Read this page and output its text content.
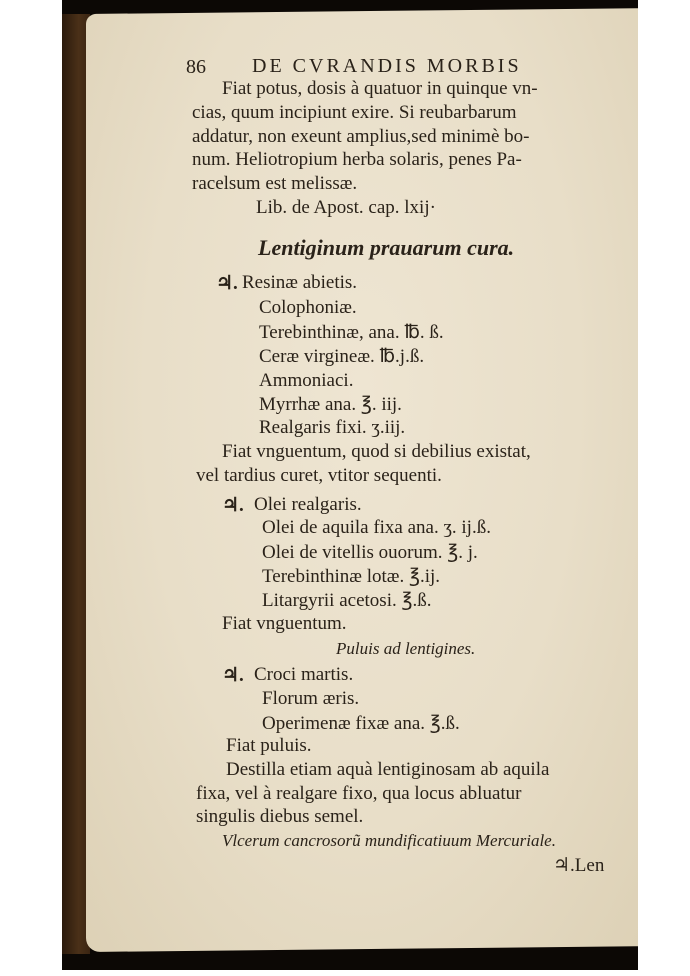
86 DE CVRANDIS MORBIS
Fiat potus, dosis à quatuor in quinque vn-
cias, quum incipiunt exire. Si reubarbarum
addatur, non exeunt amplius,sed minimè bo-
num. Heliotropium herba solaris, penes Pa-
racelsum est melissæ.
Lib. de Apost. cap. lxij·
Lentiginum prauarum cura.
♃. Resinæ abietis.
Colophoniæ.
Terebinthinæ, ana. ℔. ß.
Ceræ virgineæ. ℔.j.ß.
Ammoniaci.
Myrrhæ ana. ℥. iij.
Realgaris fixi. ʒ.iij.
Fiat vnguentum, quod si debilius existat,
vel tardius curet, vtitor sequenti.
♃. Olei realgaris.
Olei de aquila fixa ana. ʒ. ij.ß.
Olei de vitellis ouorum. ℥. j.
Terebinthinæ lotæ. ℥.ij.
Litargyrii acetosi. ℥.ß.
Fiat vnguentum.
Puluis ad lentigines.
♃. Croci martis.
Florum æris.
Operimenæ fixæ ana. ℥.ß.
Fiat puluis.
Destilla etiam aquà lentiginosam ab aquila
fixa, vel à realgare fixo, qua locus abluatur
singulis diebus semel.
Vlcerum cancrosorũ mundificatiuum Mercuriale.
♃.Len
